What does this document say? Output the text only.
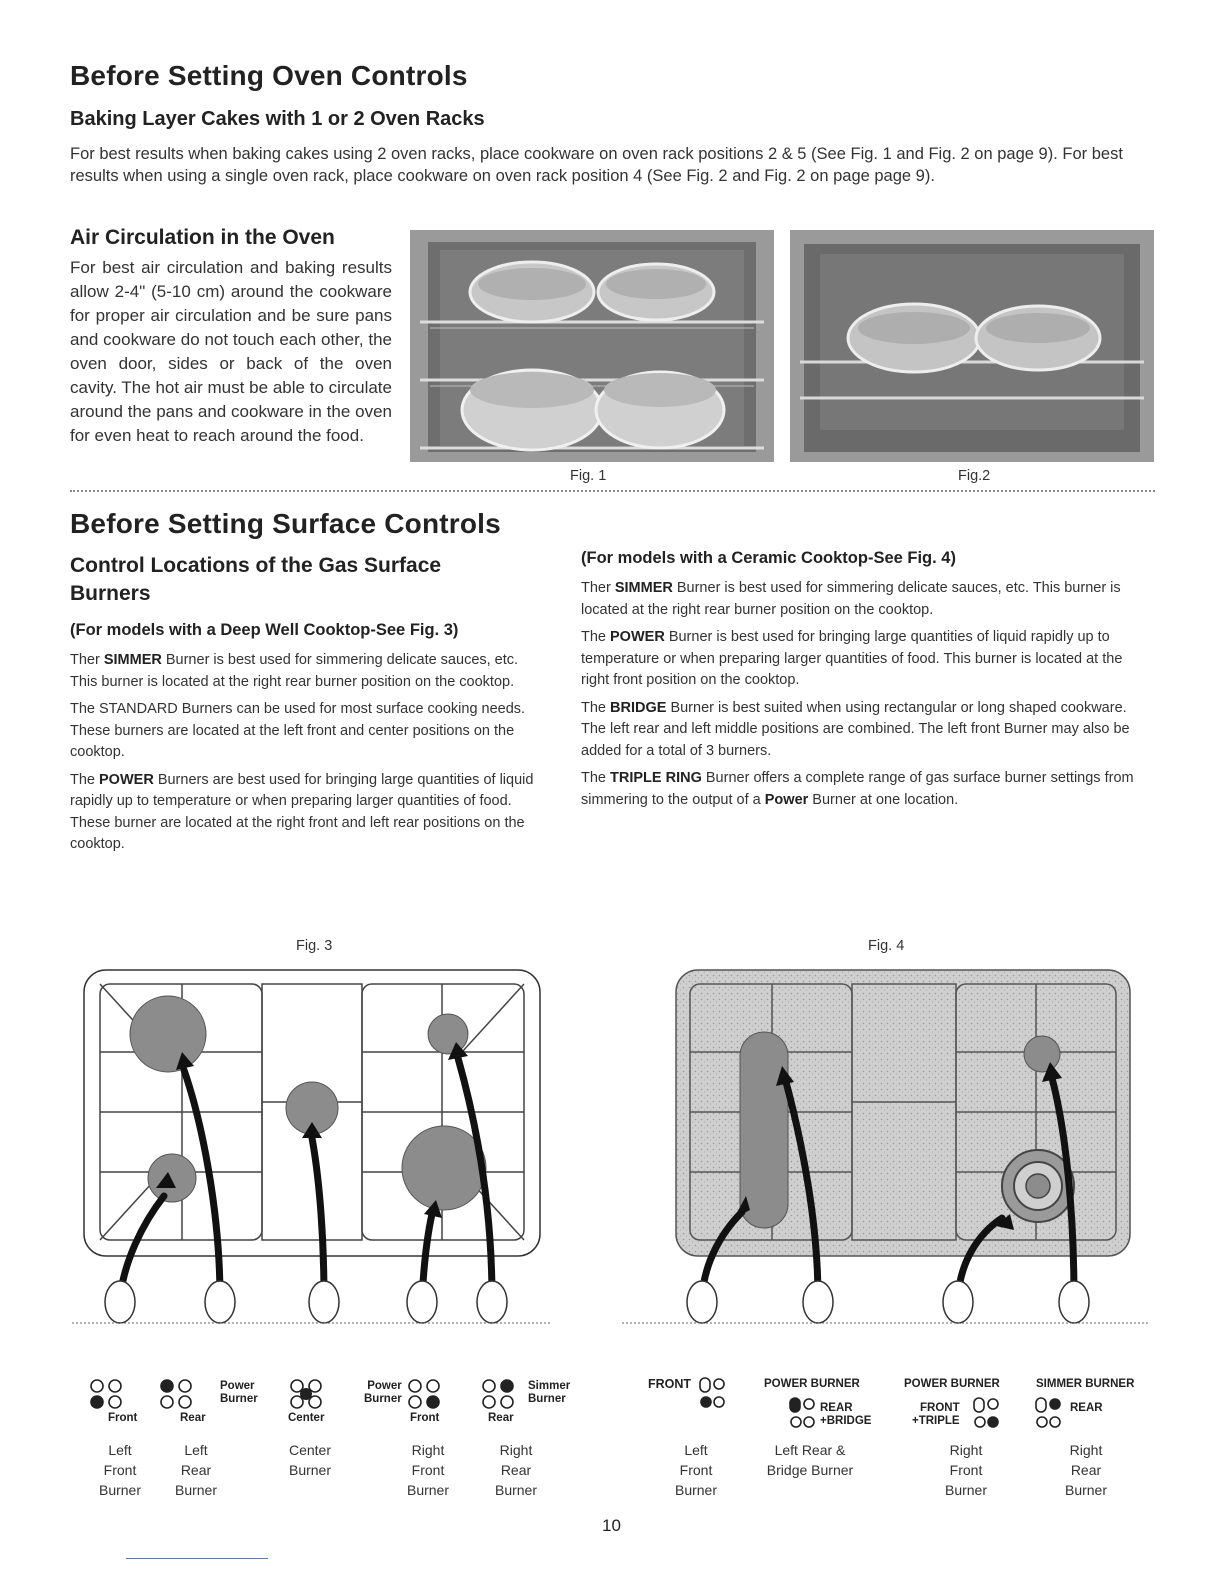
Before Setting Oven Controls
Baking Layer Cakes with 1 or 2 Oven Racks

For best results when baking cakes using 2 oven racks, place cookware on oven rack positions 2 & 5 (See Fig. 1 and Fig. 2 on page 9). For best results when using a single oven rack, place cookware on oven rack position 4 (See Fig. 2 and Fig. 2 on page page 9).

Air Circulation in the Oven

For best air circulation and baking results allow 2-4" (5-10 cm) around the cookware for proper air circulation and be sure pans and cookware do not touch each other, the oven door, sides or back of the oven cavity. The hot air must be able to circulate around the pans and cookware in the oven for even heat to reach around the food.

Fig. 1	Fig.2
Before Setting Surface Controls
Control Locations of the Gas Surface Burners
(For models with a Deep Well Cooktop-See Fig. 3)

Ther SIMMER Burner is best used for simmering delicate sauces, etc. This burner is located at the right rear burner position on the cooktop.

The STANDARD Burners can be used for most surface cooking needs. These burners are located at the left front and center positions on the cooktop.

The POWER Burners are best used for bringing large quantities of liquid rapidly up to temperature or when preparing larger quantities of food. These burner are located at the right front and left rear positions on the cooktop.

(For models with a Ceramic Cooktop-See Fig. 4)

Ther SIMMER Burner is best used for simmering delicate sauces, etc. This burner is located at the right rear burner position on the cooktop.

The POWER Burner is best used for bringing large quantities of liquid rapidly up to temperature or when preparing larger quantities of food. This burner is located at the right front position on the cooktop.

The BRIDGE Burner is best suited when using rectangular or long shaped cookware. The left rear and left middle positions are combined. The left front Burner may also be added for a total of 3 burners.

The TRIPLE RING Burner offers a complete range of gas surface burner settings from simmering to the output of a Power Burner at one location.

Fig. 3
Front
Power
Burner
Rear	Center
Power
Burner
Front
Simmer
Burner
Rear
Left
Front
Burner
Left
Rear
Burner
Center
Burner
Right
Front
Burner
Right
Rear
Burner
Fig. 4
FRONT	POWER BURNER
REAR
+BRIDGE
POWER BURNER
FRONT
+TRIPLE
SIMMER BURNER
REAR
Left
Front
Burner
Left Rear &
Bridge Burner
Right
Front
Burner
Right
Rear
Burner
10
